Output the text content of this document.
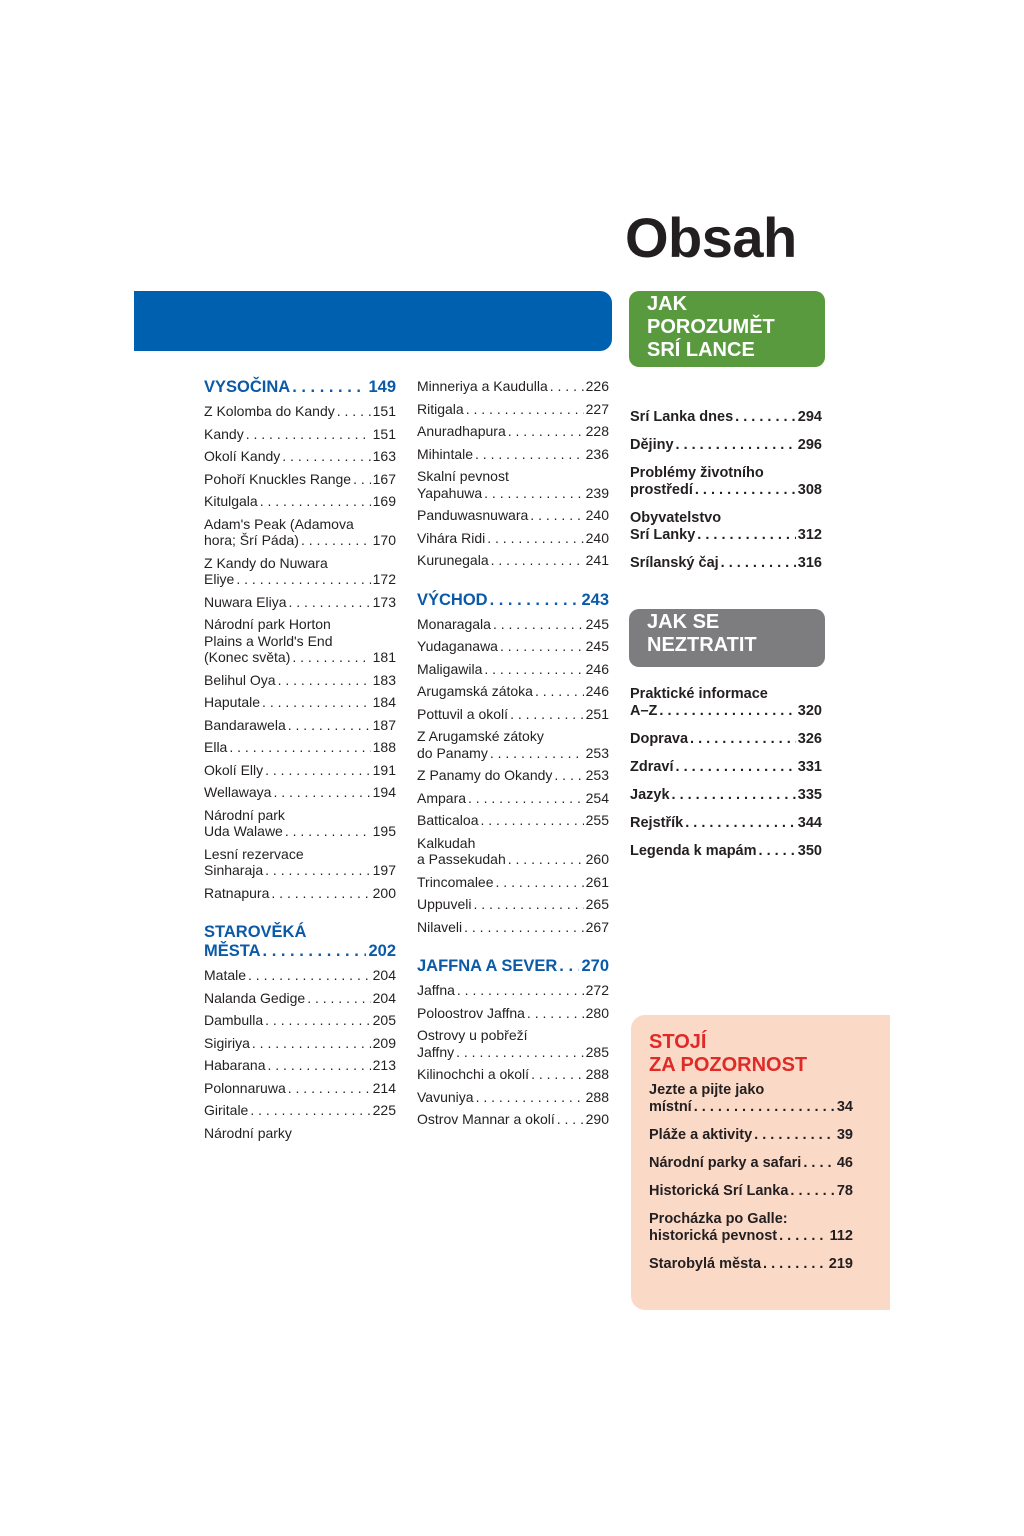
Obsah
VYSOČINA . . .	149
Z Kolomba do Kandy . . .	151
Kandy . . .	151
Okolí Kandy . . .	163
Pohoří Knuckles Range . . . 167
Kitulgala . . .	169
Adam's Peak (Adamova
hora; Šrí Páda) . . .	170
Z Kandy do Nuwara
Eliye . . .	172
Nuwara Eliya . . .	173
Národní park Horton
Plains a World's End
(Konec světa) . . .	181
Belihul Oya . . .	183
Haputale . . .	184
Bandarawela . . .	187
Ella . . .	188
Okolí Elly . . .	191
Wellawaya . . .	194
Národní park
Uda Walawe . . .	195
Lesní rezervace
Sinharaja . . .	197
Ratnapura . . .	200
STAROVĚKÁ
MĚSTA . . .	202
Matale . . .	204
Nalanda Gedige . . .	204
Dambulla . . .	205
Sigiriya . . .	209
Habarana . . .	213
Polonnaruwa . . .	214
Giritale . . .	225
Národní parky
Minneriya a Kaudulla . . .	226
Ritigala . . .	227
Anuradhapura . . .	228
Mihintale . . .	236
Skalní pevnost
Yapahuwa . . .	239
Panduwasnuwara . . .	240
Vihára Ridi . . .	240
Kurunegala . . .	241
VÝCHOD . . .	243
Monaragala . . .	245
Yudaganawa . . .	245
Maligawila . . .	246
Arugamská zátoka . . .	246
Pottuvil a okolí . . .	251
Z Arugamské zátoky
do Panamy . . .	253
Z Panamy do Okandy . . . 253
Ampara . . .	254
Batticaloa . . .	255
Kalkudah
a Passekudah . . .	260
Trincomalee . . .	261
Uppuveli . . .	265
Nilaveli . . .	267
JAFFNA A SEVER . . . 270
Jaffna . . .	272
Poloostrov Jaffna . . .	280
Ostrovy u pobřeží
Jaffny . . .	285
Kilinochchi a okolí . . .	288
Vavuniya . . .	288
Ostrov Mannar a okolí . . . 290
JAK
POROZUMĚT
SRÍ LANCE
Srí Lanka dnes . . .	294
Dějiny . . .	296
Problémy životního
prostředí . . .	308
Obyvatelstvo
Srí Lanky . . .	312
Srílanský čaj . . .	316
JAK SE
NEZTRATIT
Praktické informace
A–Z . . .	320
Doprava . . .	326
Zdraví . . .	331
Jazyk . . .	335
Rejstřík . . .	344
Legenda k mapám . . .	350
STOJÍ
ZA POZORNOST
Jezte a pijte jako
místní . . .	34
Pláže a aktivity . . .	39
Národní parky a safari . . . 46
Historická Srí Lanka . . .	78
Procházka po Galle:
historická pevnost . . .	112
Starobylá města . . .	219
